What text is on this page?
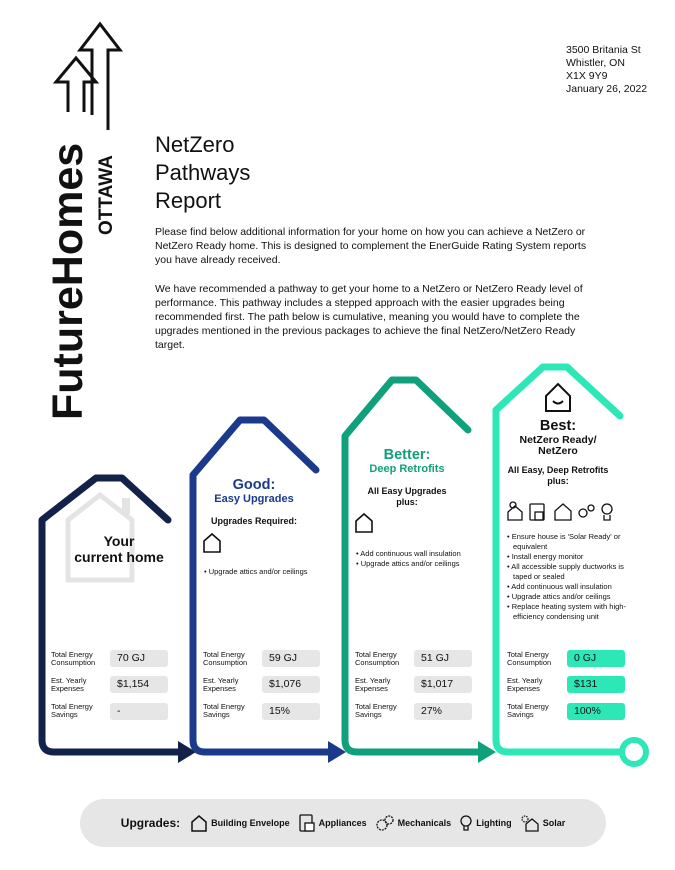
FutureHomes OTTAWA
3500 Britania St
Whistler, ON
X1X 9Y9
January 26, 2022
NetZero
Pathways
Report

Please find below additional information for your home on how you can achieve a NetZero or NetZero Ready home. This is designed to complement the EnerGuide Rating System reports you have already received.

We have recommended a pathway to get your home to a NetZero or NetZero Ready level of performance. This pathway includes a stepped approach with the easier upgrades being recommended first. The path below is cumulative, meaning you would have to complete the upgrades mentioned in the previous packages to achieve the final NetZero/NetZero Ready target.

Your
current home
Good:
Easy Upgrades
Upgrades Required:
• Upgrade attics and/or ceilings
Better:
Deep Retrofits
All Easy Upgrades
plus:
• Add continuous wall insulation
• Upgrade attics and/or ceilings
Best:
NetZero Ready/
NetZero
All Easy, Deep Retrofits
plus:
• Ensure house is 'Solar Ready' or equivalent
• Install energy monitor
• All accessible supply ductworks is taped or sealed
• Add continuous wall insulation
• Upgrade attics and/or ceilings
• Replace heating system with high-efficiency condensing unit
Total Energy Consumption	70 GJ
Est. Yearly Expenses	$1,154
Total Energy Savings	-
Total Energy Consumption	59 GJ
Est. Yearly Expenses	$1,076
Total Energy Savings	15%
Total Energy Consumption	51 GJ
Est. Yearly Expenses	$1,017
Total Energy Savings	27%
Total Energy Consumption	0 GJ
Est. Yearly Expenses	$131
Total Energy Savings	100%
Upgrades:	Building Envelope	Appliances	Mechanicals	Lighting	Solar
